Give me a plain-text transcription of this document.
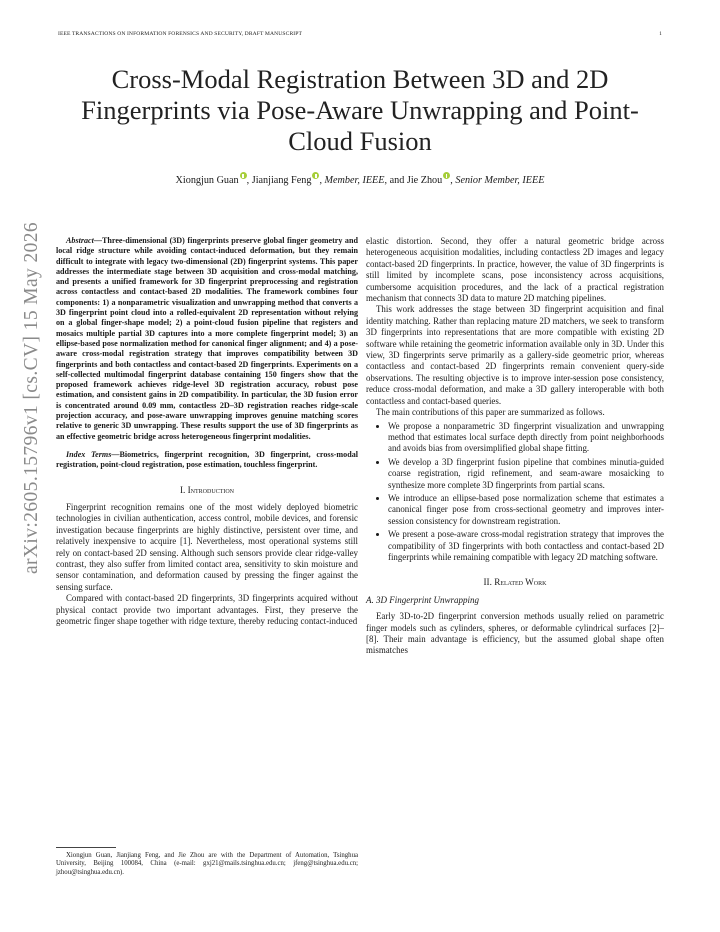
IEEE TRANSACTIONS ON INFORMATION FORENSICS AND SECURITY, DRAFT MANUSCRIPT	1
arXiv:2605.15796v1 [cs.CV] 15 May 2026
Cross-Modal Registration Between 3D and 2D Fingerprints via Pose-Aware Unwrapping and Point-Cloud Fusion
Xiongjun Guan , Jianjiang Feng , Member, IEEE, and Jie Zhou , Senior Member, IEEE
Abstract—Three-dimensional (3D) fingerprints preserve global finger geometry and local ridge structure while avoiding contact-induced deformation, but they remain difficult to integrate with legacy two-dimensional (2D) fingerprint systems. This paper addresses the intermediate stage between 3D acquisition and cross-modal matching, and presents a unified framework for 3D fingerprint preprocessing and registration across contactless and contact-based 2D modalities. The framework combines four components: 1) a nonparametric visualization and unwrapping method that converts a 3D fingerprint point cloud into a rolled-equivalent 2D representation without relying on a global finger-shape model; 2) a point-cloud fusion pipeline that registers and mosaics multiple partial 3D captures into a more complete fingerprint model; 3) an ellipse-based pose normalization method for canonical finger alignment; and 4) a pose-aware cross-modal registration strategy that improves compatibility between 3D fingerprints and both contactless and contact-based 2D fingerprints. Experiments on a self-collected multimodal fingerprint database containing 150 fingers show that the proposed framework achieves ridge-level 3D registration accuracy, robust pose estimation, and consistent gains in 2D compatibility. In particular, the 3D fusion error is concentrated around 0.09 mm, contactless 2D–3D registration reaches ridge-scale projection accuracy, and pose-aware unwrapping improves genuine matching scores relative to generic 3D unwrapping. These results support the use of 3D fingerprints as an effective geometric bridge across heterogeneous fingerprint modalities.
Index Terms—Biometrics, fingerprint recognition, 3D fingerprint, cross-modal registration, point-cloud registration, pose estimation, touchless fingerprint.
I. Introduction

Fingerprint recognition remains one of the most widely deployed biometric technologies in civilian authentication, access control, mobile devices, and forensic investigation because fingerprints are highly distinctive, persistent over time, and relatively inexpensive to acquire [1]. Nevertheless, most operational systems still rely on contact-based 2D sensing. Although such sensors provide clear ridge-valley contrast, they also suffer from limited contact area, sensitivity to skin moisture and sensor contamination, and deformation caused by pressing the finger against the sensing surface.

Compared with contact-based 2D fingerprints, 3D fingerprints acquired without physical contact provide two important advantages. First, they preserve the geometric finger shape together with ridge texture, thereby reducing contact-induced

elastic distortion. Second, they offer a natural geometric bridge across heterogeneous acquisition modalities, including contactless 2D images and legacy contact-based 2D fingerprints. In practice, however, the value of 3D fingerprints is still limited by incomplete scans, pose inconsistency across acquisitions, cumbersome acquisition procedures, and the lack of a practical registration mechanism that connects 3D data to mature 2D matching pipelines.

This work addresses the stage between 3D fingerprint acquisition and final identity matching. Rather than replacing mature 2D matchers, we seek to transform 3D fingerprints into representations that are more compatible with existing 2D software while retaining the geometric information available only in 3D. Under this view, 3D fingerprints serve primarily as a gallery-side geometric prior, whereas contactless and contact-based 2D fingerprints remain convenient query-side observations. The resulting objective is to improve inter-session pose consistency, reduce cross-modal deformation, and make a 3D gallery interoperable with both contactless and contact-based queries.

The main contributions of this paper are summarized as follows.

• We propose a nonparametric 3D fingerprint visualization and unwrapping method that estimates local surface depth directly from point neighborhoods and avoids bias from oversimplified global shape fitting.
• We develop a 3D fingerprint fusion pipeline that combines minutia-guided coarse registration, rigid refinement, and seam-aware mosaicking to synthesize more complete 3D fingerprints from partial scans.
• We introduce an ellipse-based pose normalization scheme that estimates a canonical finger pose from cross-sectional geometry and improves inter-session consistency for downstream registration.
• We present a pose-aware cross-modal registration strategy that improves the compatibility of 3D fingerprints with both contactless and contact-based 2D fingerprints while remaining compatible with legacy 2D matching software.
II. Related Work
A. 3D Fingerprint Unwrapping

Early 3D-to-2D fingerprint conversion methods usually relied on parametric finger models such as cylinders, spheres, or deformable cylindrical surfaces [2]–[8]. Their main advantage is efficiency, but the assumed global shape often mismatches

Xiongjun Guan, Jianjiang Feng, and Jie Zhou are with the Department of Automation, Tsinghua University, Beijing 100084, China (e-mail: gxj21@mails.tsinghua.edu.cn; jfeng@tsinghua.edu.cn; jzhou@tsinghua.edu.cn).
